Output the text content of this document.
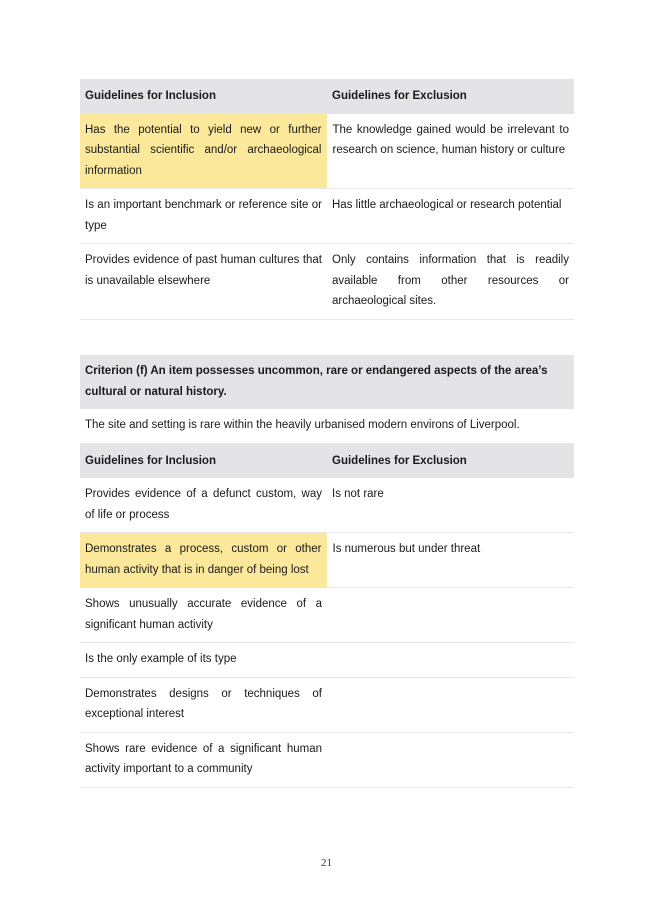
Guidelines for Inclusion	Guidelines for Exclusion
Has the potential to yield new or further substantial scientific and/or archaeological information	The knowledge gained would be irrelevant to research on science, human history or culture
Is an important benchmark or reference site or type	Has little archaeological or research potential
Provides evidence of past human cultures that is unavailable elsewhere	Only contains information that is readily available from other resources or archaeological sites.
Criterion (f) An item possesses uncommon, rare or endangered aspects of the area’s cultural or natural history.	
The site and setting is rare within the heavily urbanised modern environs of Liverpool.	
Guidelines for Inclusion	Guidelines for Exclusion
Provides evidence of a defunct custom, way of life or process	Is not rare
Demonstrates a process, custom or other human activity that is in danger of being lost	Is numerous but under threat
Shows unusually accurate evidence of a significant human activity	
Is the only example of its type	
Demonstrates designs or techniques of exceptional interest	
Shows rare evidence of a significant human activity important to a community	
21
